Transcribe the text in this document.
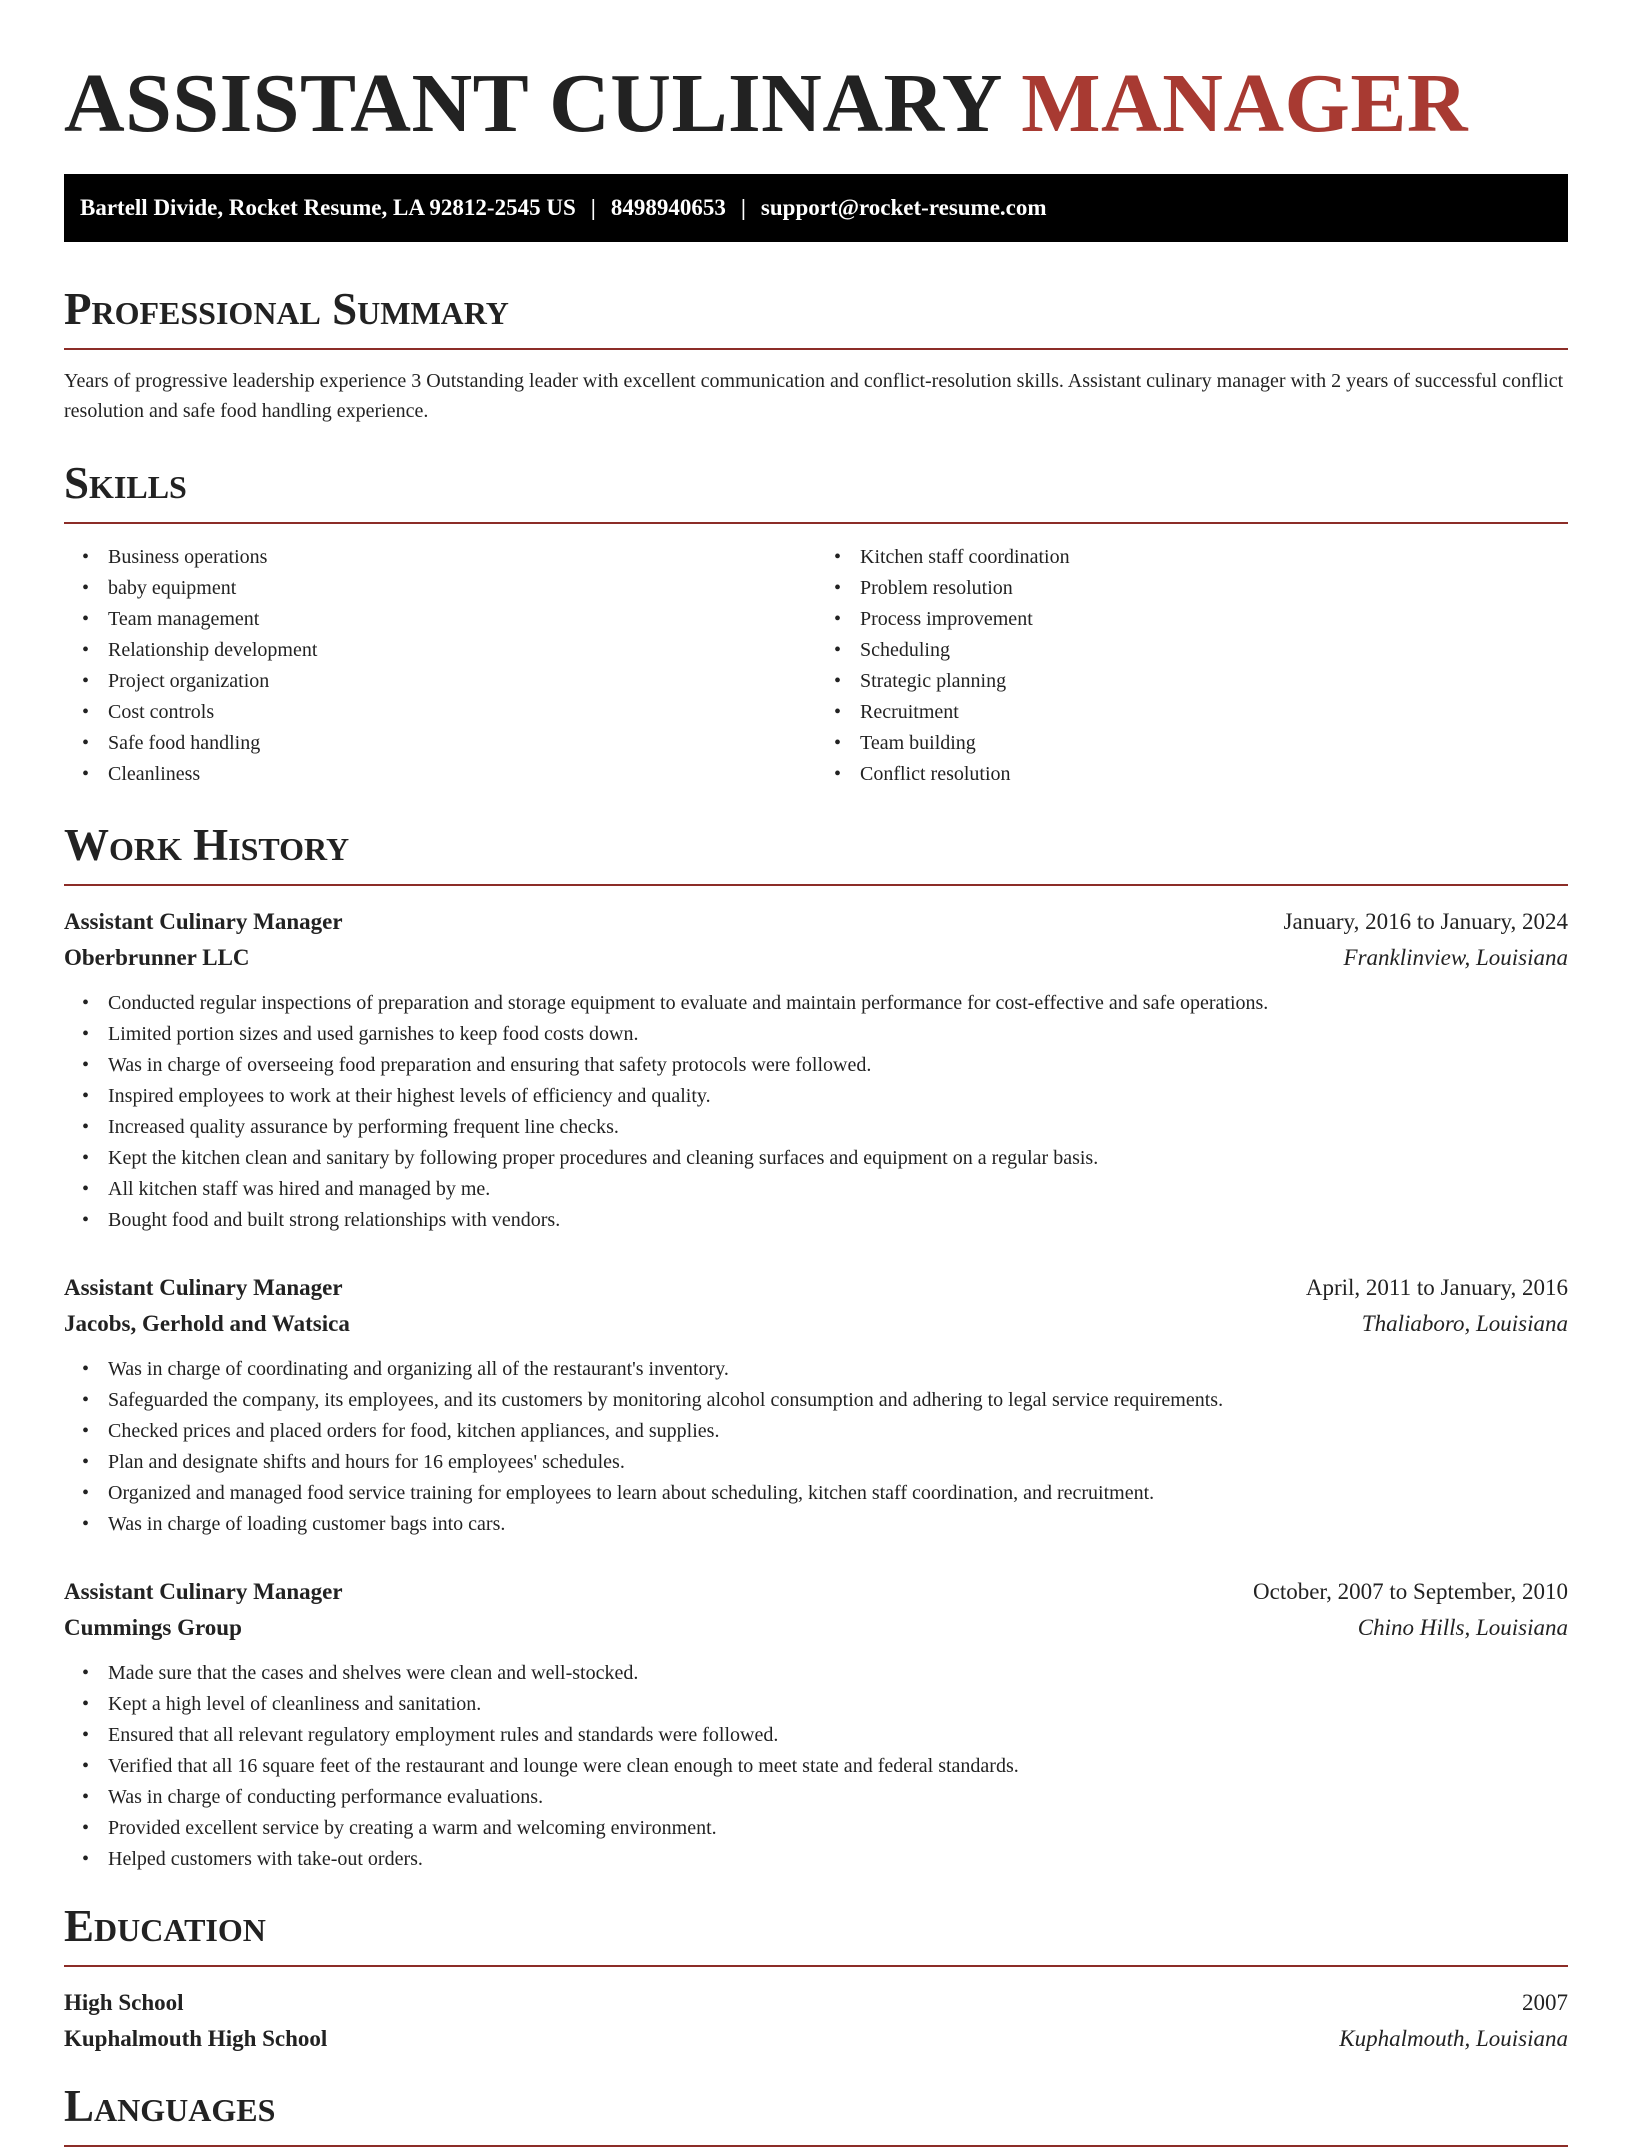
ASSISTANT CULINARY MANAGER
Bartell Divide, Rocket Resume, LA 92812-2545 US | 8498940653 | support@rocket-resume.com
Professional Summary

Years of progressive leadership experience 3 Outstanding leader with excellent communication and conflict-resolution skills. Assistant culinary manager with 2 years of successful conflict resolution and safe food handling experience.

Skills
• Business operations
• baby equipment
• Team management
• Relationship development
• Project organization
• Cost controls
• Safe food handling
• Cleanliness
• Kitchen staff coordination
• Problem resolution
• Process improvement
• Scheduling
• Strategic planning
• Recruitment
• Team building
• Conflict resolution
Work History
Assistant Culinary Manager	January, 2016 to January, 2024
Oberbrunner LLC	Franklinview, Louisiana
• Conducted regular inspections of preparation and storage equipment to evaluate and maintain performance for cost-effective and safe operations.
• Limited portion sizes and used garnishes to keep food costs down.
• Was in charge of overseeing food preparation and ensuring that safety protocols were followed.
• Inspired employees to work at their highest levels of efficiency and quality.
• Increased quality assurance by performing frequent line checks.
• Kept the kitchen clean and sanitary by following proper procedures and cleaning surfaces and equipment on a regular basis.
• All kitchen staff was hired and managed by me.
• Bought food and built strong relationships with vendors.
Assistant Culinary Manager	April, 2011 to January, 2016
Jacobs, Gerhold and Watsica	Thaliaboro, Louisiana
• Was in charge of coordinating and organizing all of the restaurant's inventory.
• Safeguarded the company, its employees, and its customers by monitoring alcohol consumption and adhering to legal service requirements.
• Checked prices and placed orders for food, kitchen appliances, and supplies.
• Plan and designate shifts and hours for 16 employees' schedules.
• Organized and managed food service training for employees to learn about scheduling, kitchen staff coordination, and recruitment.
• Was in charge of loading customer bags into cars.
Assistant Culinary Manager	October, 2007 to September, 2010
Cummings Group	Chino Hills, Louisiana
• Made sure that the cases and shelves were clean and well-stocked.
• Kept a high level of cleanliness and sanitation.
• Ensured that all relevant regulatory employment rules and standards were followed.
• Verified that all 16 square feet of the restaurant and lounge were clean enough to meet state and federal standards.
• Was in charge of conducting performance evaluations.
• Provided excellent service by creating a warm and welcoming environment.
• Helped customers with take-out orders.
Education
High School	2007
Kuphalmouth High School	Kuphalmouth, Louisiana
Languages
